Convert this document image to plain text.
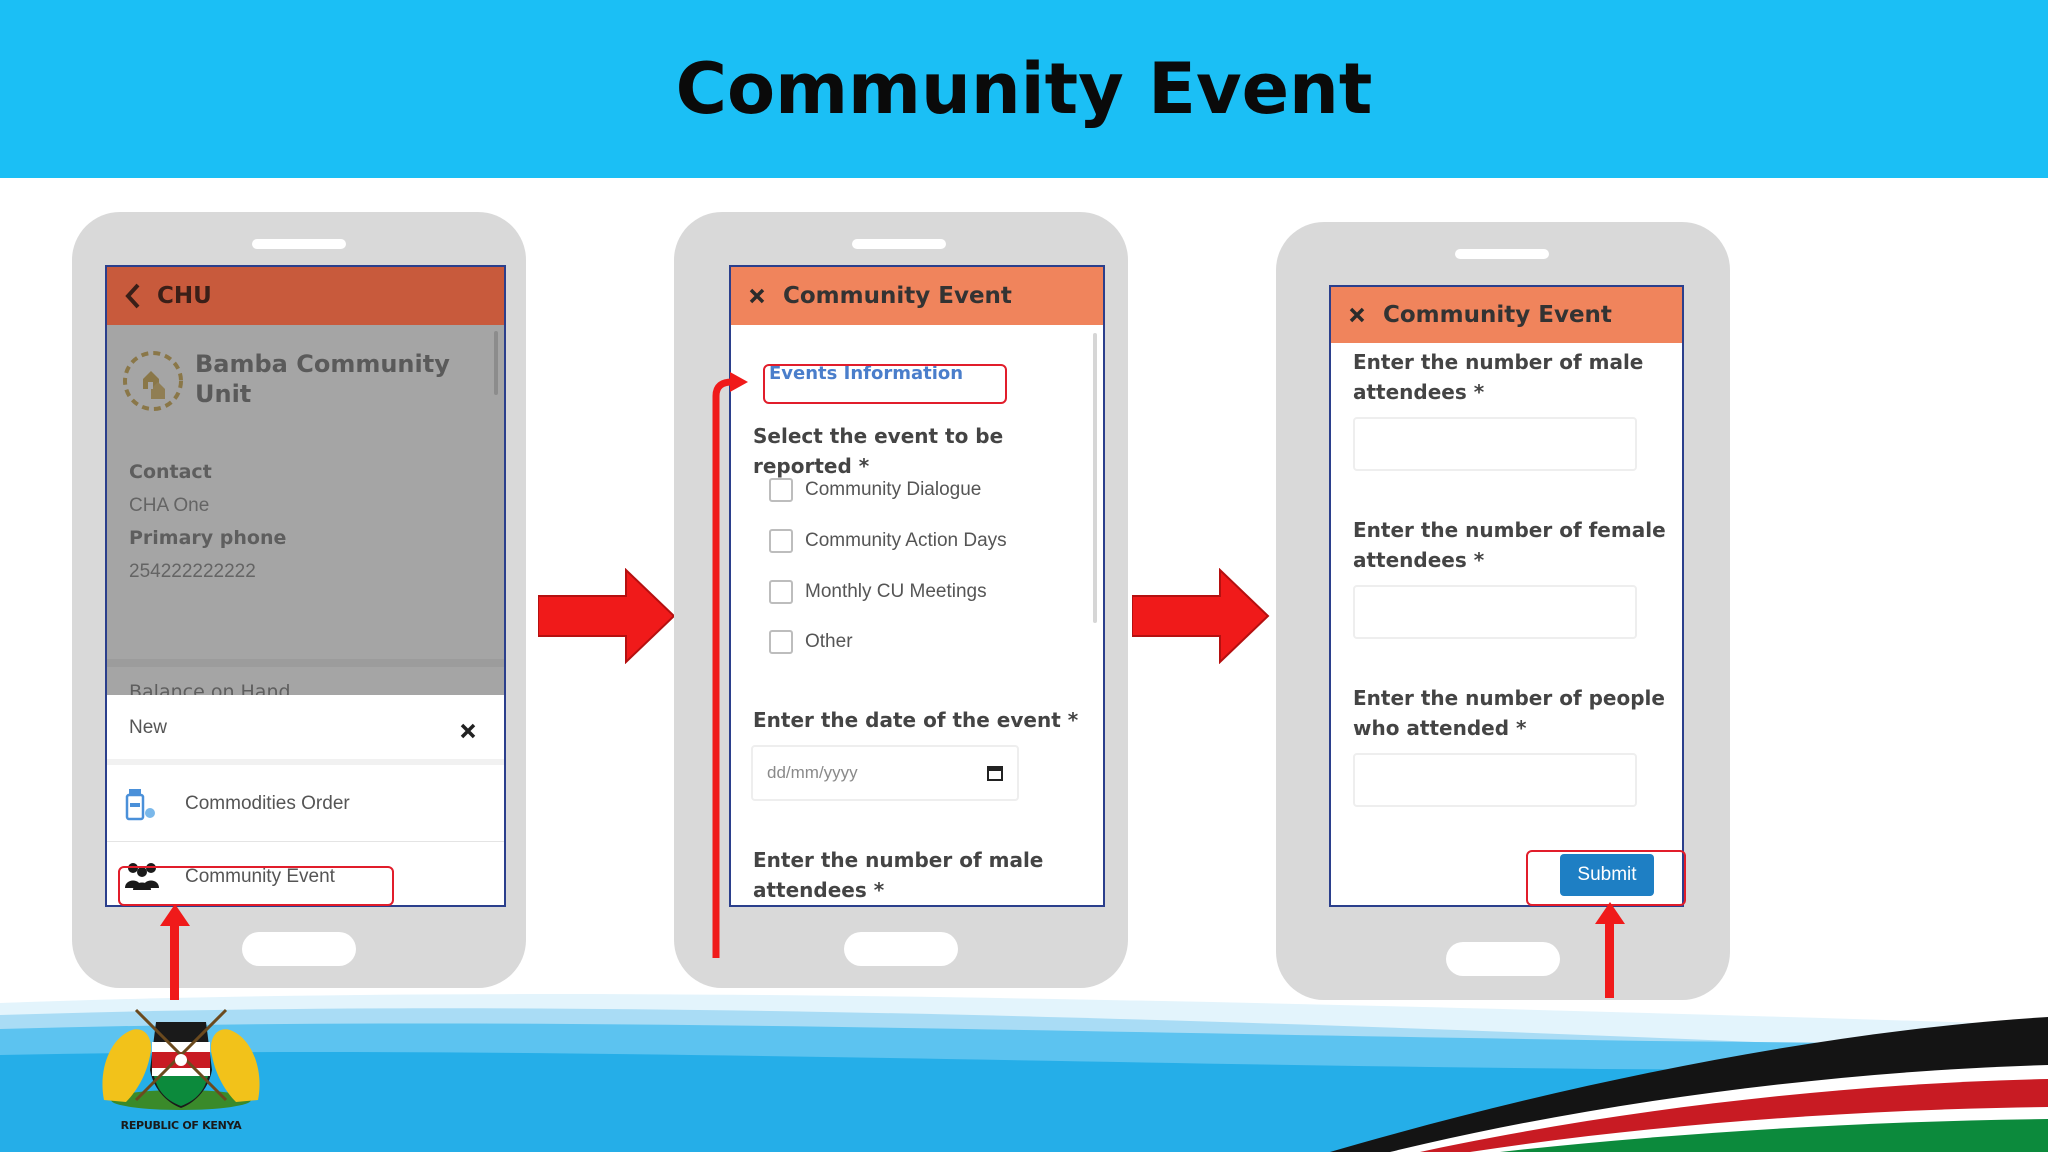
Community Event
REPUBLIC OF KENYA
CHU
New
Commodities Order
Community Event
Community Event
Events Information
Select the event to be reported *
Community Dialogue
Community Action Days
Monthly CU Meetings
Other
Enter the date of the event *
dd/mm/yyyy
Enter the number of male
attendees *
Community Event
Enter the number of male
attendees *
Enter the number of female
attendees *
Enter the number of people
who attended *
Submit
